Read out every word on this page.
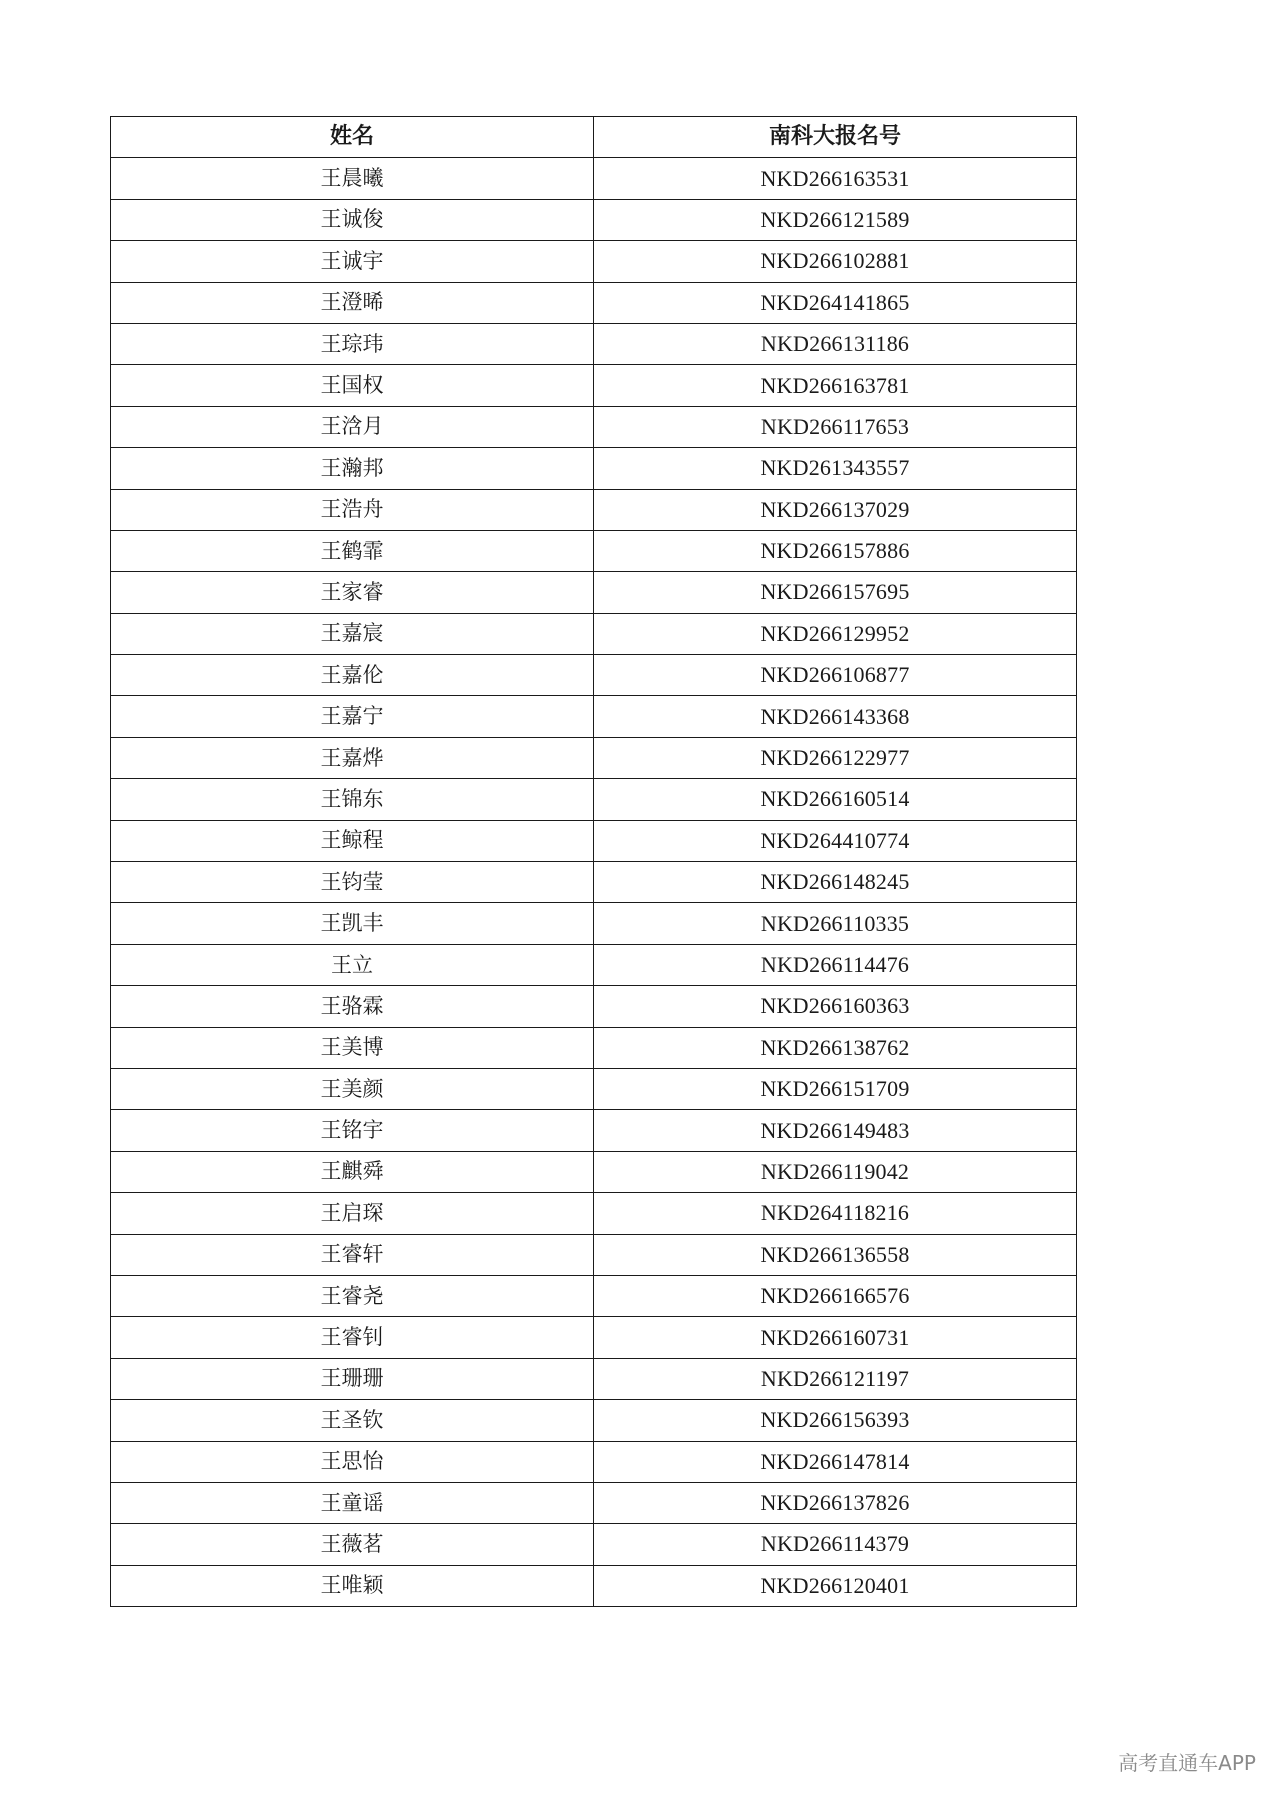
姓名	南科大报名号
王晨曦	NKD266163531
王诚俊	NKD266121589
王诚宇	NKD266102881
王澄晞	NKD264141865
王琮玮	NKD266131186
王国权	NKD266163781
王浛月	NKD266117653
王瀚邦	NKD261343557
王浩舟	NKD266137029
王鹤霏	NKD266157886
王家睿	NKD266157695
王嘉宸	NKD266129952
王嘉伦	NKD266106877
王嘉宁	NKD266143368
王嘉烨	NKD266122977
王锦东	NKD266160514
王鲸程	NKD264410774
王钧莹	NKD266148245
王凯丰	NKD266110335
王立	NKD266114476
王骆霖	NKD266160363
王美博	NKD266138762
王美颜	NKD266151709
王铭宇	NKD266149483
王麒舜	NKD266119042
王启琛	NKD264118216
王睿轩	NKD266136558
王睿尧	NKD266166576
王睿钊	NKD266160731
王珊珊	NKD266121197
王圣钦	NKD266156393
王思怡	NKD266147814
王童谣	NKD266137826
王薇茗	NKD266114379
王唯颖	NKD266120401
高考直通车APP
